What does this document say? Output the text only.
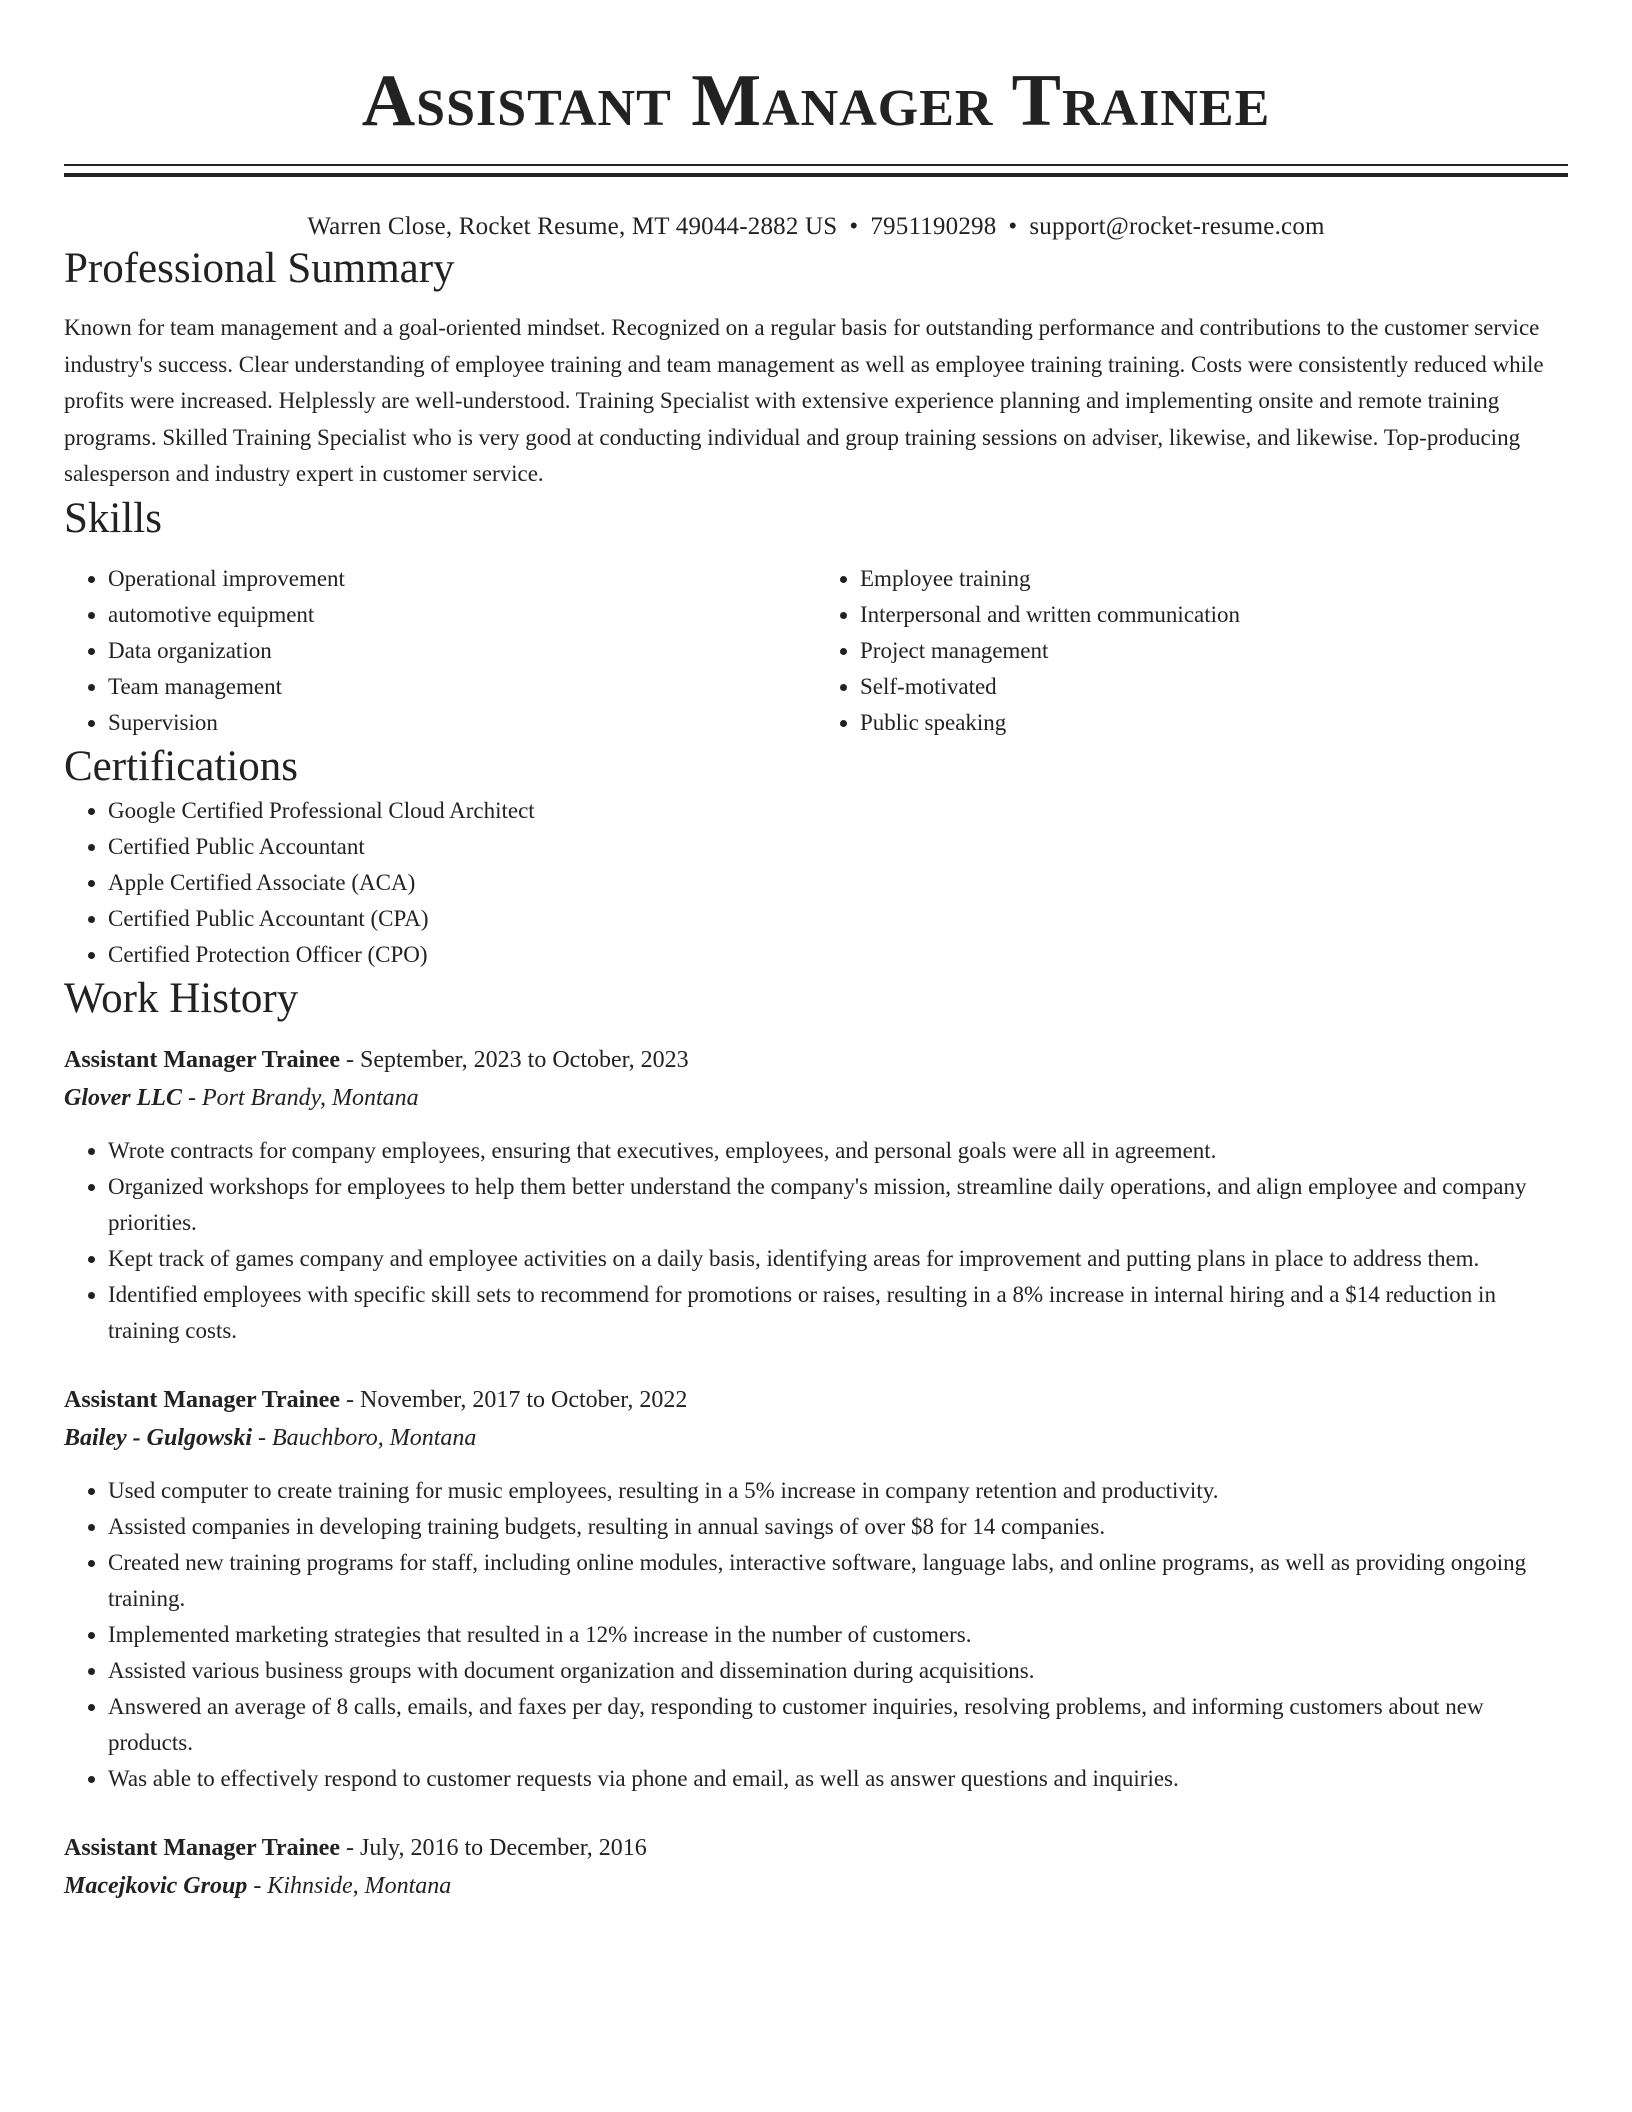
Assistant Manager Trainee
Warren Close, Rocket Resume, MT 49044-2882 US • 7951190298 • support@rocket-resume.com
Professional Summary

Known for team management and a goal-oriented mindset. Recognized on a regular basis for outstanding performance and contributions to the customer service industry's success. Clear understanding of employee training and team management as well as employee training training. Costs were consistently reduced while profits were increased. Helplessly are well-understood. Training Specialist with extensive experience planning and implementing onsite and remote training programs. Skilled Training Specialist who is very good at conducting individual and group training sessions on adviser, likewise, and likewise. Top-producing salesperson and industry expert in customer service.

Skills
• Operational improvement
• automotive equipment
• Data organization
• Team management
• Supervision
• Employee training
• Interpersonal and written communication
• Project management
• Self-motivated
• Public speaking
Certifications
• Google Certified Professional Cloud Architect
• Certified Public Accountant
• Apple Certified Associate (ACA)
• Certified Public Accountant (CPA)
• Certified Protection Officer (CPO)
Work History
Assistant Manager Trainee - September, 2023 to October, 2023
Glover LLC - Port Brandy, Montana
• Wrote contracts for company employees, ensuring that executives, employees, and personal goals were all in agreement.
• Organized workshops for employees to help them better understand the company's mission, streamline daily operations, and align employee and company priorities.
• Kept track of games company and employee activities on a daily basis, identifying areas for improvement and putting plans in place to address them.
• Identified employees with specific skill sets to recommend for promotions or raises, resulting in a 8% increase in internal hiring and a $14 reduction in training costs.
Assistant Manager Trainee - November, 2017 to October, 2022
Bailey - Gulgowski - Bauchboro, Montana
• Used computer to create training for music employees, resulting in a 5% increase in company retention and productivity.
• Assisted companies in developing training budgets, resulting in annual savings of over $8 for 14 companies.
• Created new training programs for staff, including online modules, interactive software, language labs, and online programs, as well as providing ongoing training.
• Implemented marketing strategies that resulted in a 12% increase in the number of customers.
• Assisted various business groups with document organization and dissemination during acquisitions.
• Answered an average of 8 calls, emails, and faxes per day, responding to customer inquiries, resolving problems, and informing customers about new products.
• Was able to effectively respond to customer requests via phone and email, as well as answer questions and inquiries.
Assistant Manager Trainee - July, 2016 to December, 2016
Macejkovic Group - Kihnside, Montana
